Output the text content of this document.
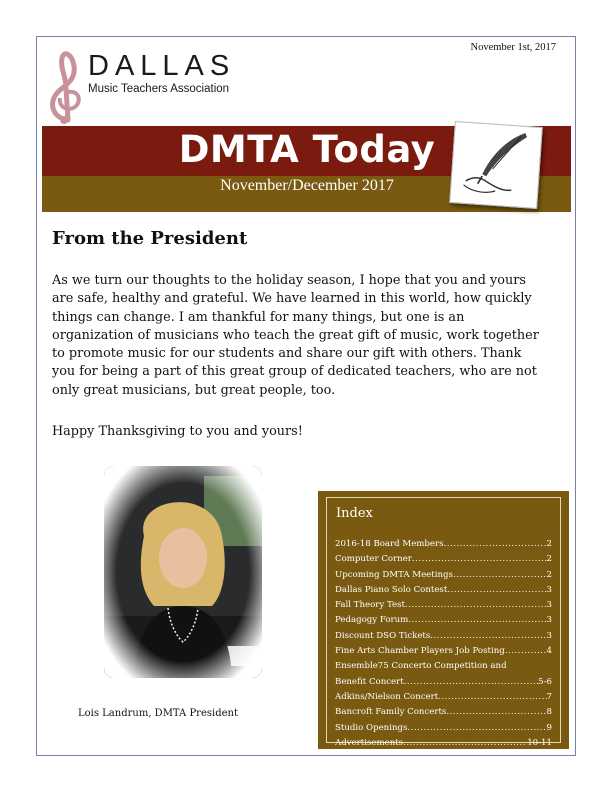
November 1st, 2017
DALLAS
Music Teachers Association
DMTA Today
November/December 2017
From the President
As we turn our thoughts to the holiday season, I hope that you and yours
are safe, healthy and grateful. We have learned in this world, how quickly
things can change. I am thankful for many things, but one is an
organization of musicians who teach the great gift of music, work together
to promote music for our students and share our gift with others. Thank
you for being a part of this great group of dedicated teachers, who are not
only great musicians, but great people, too.
Happy Thanksgiving to you and yours!
Lois Landrum, DMTA President
Index
2016-18 Board Members .....	2
Computer Corner .....	2
Upcoming DMTA Meetings .....	2
Dallas Piano Solo Contest .....	3
Fall Theory Test .....	3
Pedagogy Forum .....	3
Discount DSO Tickets .....	3
Fine Arts Chamber Players Job Posting .....	4
Ensemble75 Concerto Competition and
Benefit Concert .....	5-6
Adkins/Nielson Concert .....	7
Bancroft Family Concerts .....	8
Studio Openings .....	9
Advertisements .....	10-11
